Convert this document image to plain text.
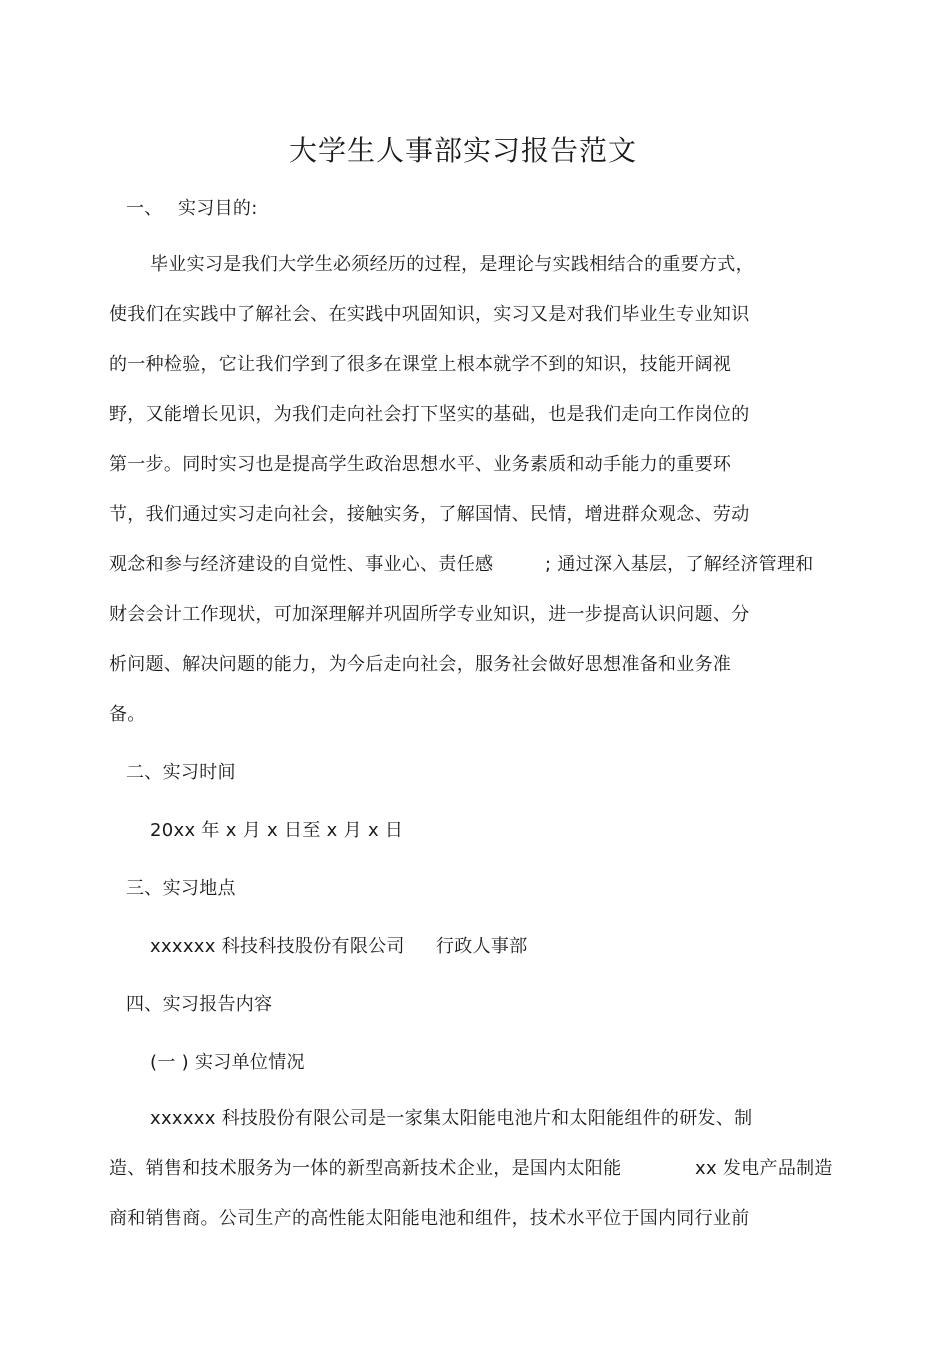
大学生人事部实习报告范文
一、 实习目的:
毕业实习是我们大学生必须经历的过程，是理论与实践相结合的重要方式，
使我们在实践中了解社会、在实践中巩固知识，实习又是对我们毕业生专业知识
的一种检验，它让我们学到了很多在课堂上根本就学不到的知识，技能开阔视
野，又能增长见识，为我们走向社会打下坚实的基础，也是我们走向工作岗位的
第一步。同时实习也是提高学生政治思想水平、业务素质和动手能力的重要环
节，我们通过实习走向社会，接触实务，了解国情、民情，增进群众观念、劳动
观念和参与经济建设的自觉性、事业心、责任感	; 通过深入基层，了解经济管理和
财会会计工作现状，可加深理解并巩固所学专业知识，进一步提高认识问题、分
析问题、解决问题的能力，为今后走向社会，服务社会做好思想准备和业务准
备。
二、实习时间
20xx 年 x 月 x 日至 x 月 x 日
三、实习地点
xxxxxx 科技科技股份有限公司 行政人事部
四、实习报告内容
(一 ) 实习单位情况
xxxxxx 科技股份有限公司是一家集太阳能电池片和太阳能组件的研发、制
造、销售和技术服务为一体的新型高新技术企业，是国内太阳能	xx 发电产品制造
商和销售商。公司生产的高性能太阳能电池和组件，技术水平位于国内同行业前
